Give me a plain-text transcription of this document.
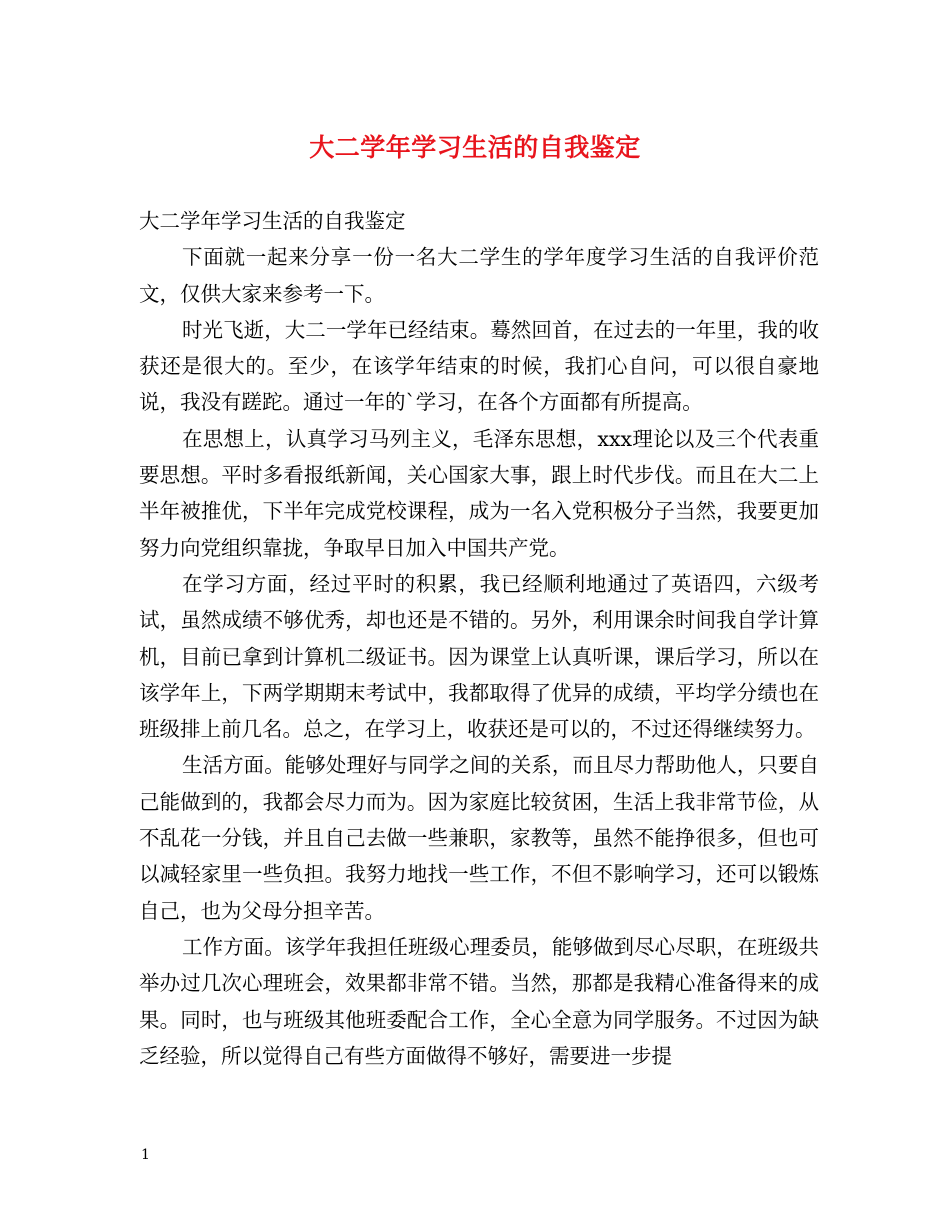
大二学年学习生活的自我鉴定

大二学年学习生活的自我鉴定

下面就一起来分享一份一名大二学生的学年度学习生活的自我评价范文，仅供大家来参考一下。

时光飞逝，大二一学年已经结束。蓦然回首，在过去的一年里，我的收获还是很大的。至少，在该学年结束的时候，我扪心自问，可以很自豪地说，我没有蹉跎。通过一年的`学习，在各个方面都有所提高。

在思想上，认真学习马列主义，毛泽东思想，xxx理论以及三个代表重要思想。平时多看报纸新闻，关心国家大事，跟上时代步伐。而且在大二上半年被推优，下半年完成党校课程，成为一名入党积极分子当然，我要更加努力向党组织靠拢，争取早日加入中国共产党。

在学习方面，经过平时的积累，我已经顺利地通过了英语四，六级考试，虽然成绩不够优秀，却也还是不错的。另外，利用课余时间我自学计算机，目前已拿到计算机二级证书。因为课堂上认真听课，课后学习，所以在该学年上，下两学期期末考试中，我都取得了优异的成绩，平均学分绩也在班级排上前几名。总之，在学习上，收获还是可以的，不过还得继续努力。

生活方面。能够处理好与同学之间的关系，而且尽力帮助他人，只要自己能做到的，我都会尽力而为。因为家庭比较贫困，生活上我非常节俭，从不乱花一分钱，并且自己去做一些兼职，家教等，虽然不能挣很多，但也可以减轻家里一些负担。我努力地找一些工作，不但不影响学习，还可以锻炼自己，也为父母分担辛苦。

工作方面。该学年我担任班级心理委员，能够做到尽心尽职，在班级共举办过几次心理班会，效果都非常不错。当然，那都是我精心准备得来的成果。同时，也与班级其他班委配合工作，全心全意为同学服务。不过因为缺乏经验，所以觉得自己有些方面做得不够好，需要进一步提

1
